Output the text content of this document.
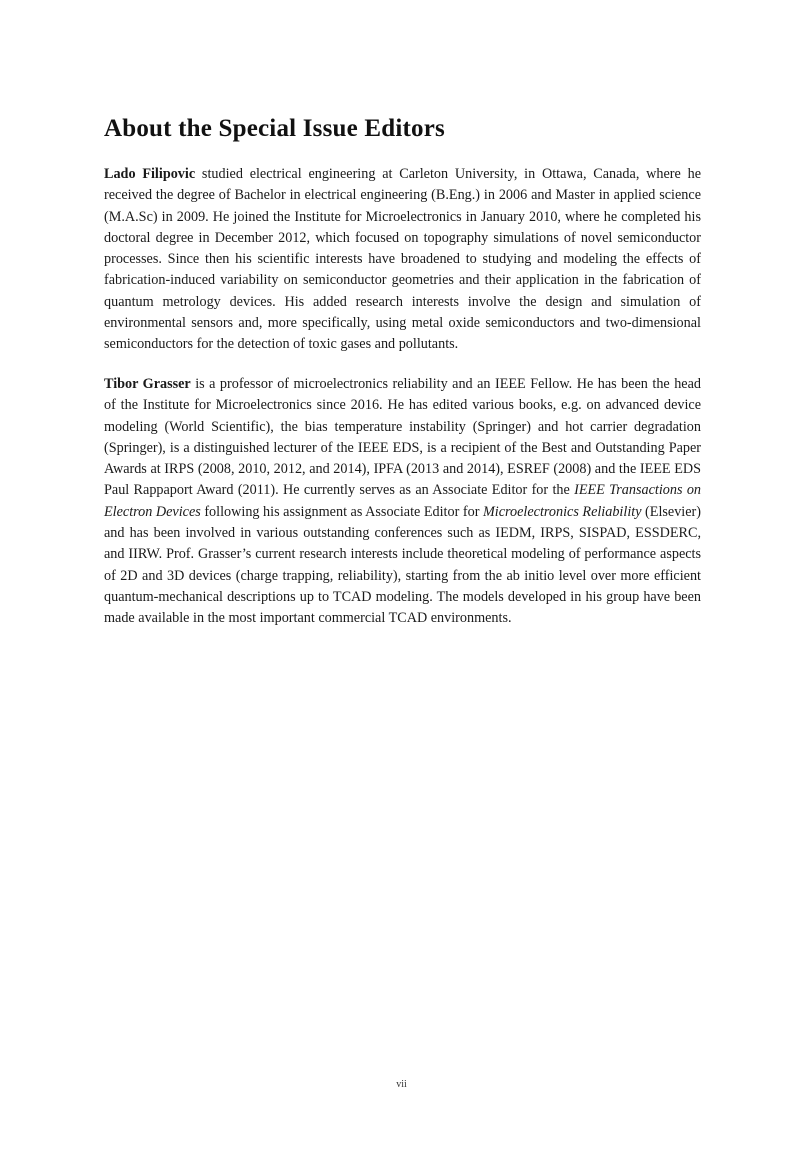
About the Special Issue Editors

Lado Filipovic studied electrical engineering at Carleton University, in Ottawa, Canada, where he received the degree of Bachelor in electrical engineering (B.Eng.) in 2006 and Master in applied science (M.A.Sc) in 2009. He joined the Institute for Microelectronics in January 2010, where he completed his doctoral degree in December 2012, which focused on topography simulations of novel semiconductor processes. Since then his scientific interests have broadened to studying and modeling the effects of fabrication-induced variability on semiconductor geometries and their application in the fabrication of quantum metrology devices. His added research interests involve the design and simulation of environmental sensors and, more specifically, using metal oxide semiconductors and two-dimensional semiconductors for the detection of toxic gases and pollutants.

Tibor Grasser is a professor of microelectronics reliability and an IEEE Fellow. He has been the head of the Institute for Microelectronics since 2016. He has edited various books, e.g. on advanced device modeling (World Scientific), the bias temperature instability (Springer) and hot carrier degradation (Springer), is a distinguished lecturer of the IEEE EDS, is a recipient of the Best and Outstanding Paper Awards at IRPS (2008, 2010, 2012, and 2014), IPFA (2013 and 2014), ESREF (2008) and the IEEE EDS Paul Rappaport Award (2011). He currently serves as an Associate Editor for the IEEE Transactions on Electron Devices following his assignment as Associate Editor for Microelectronics Reliability (Elsevier) and has been involved in various outstanding conferences such as IEDM, IRPS, SISPAD, ESSDERC, and IIRW. Prof. Grasser’s current research interests include theoretical modeling of performance aspects of 2D and 3D devices (charge trapping, reliability), starting from the ab initio level over more efficient quantum-mechanical descriptions up to TCAD modeling. The models developed in his group have been made available in the most important commercial TCAD environments.

vii
